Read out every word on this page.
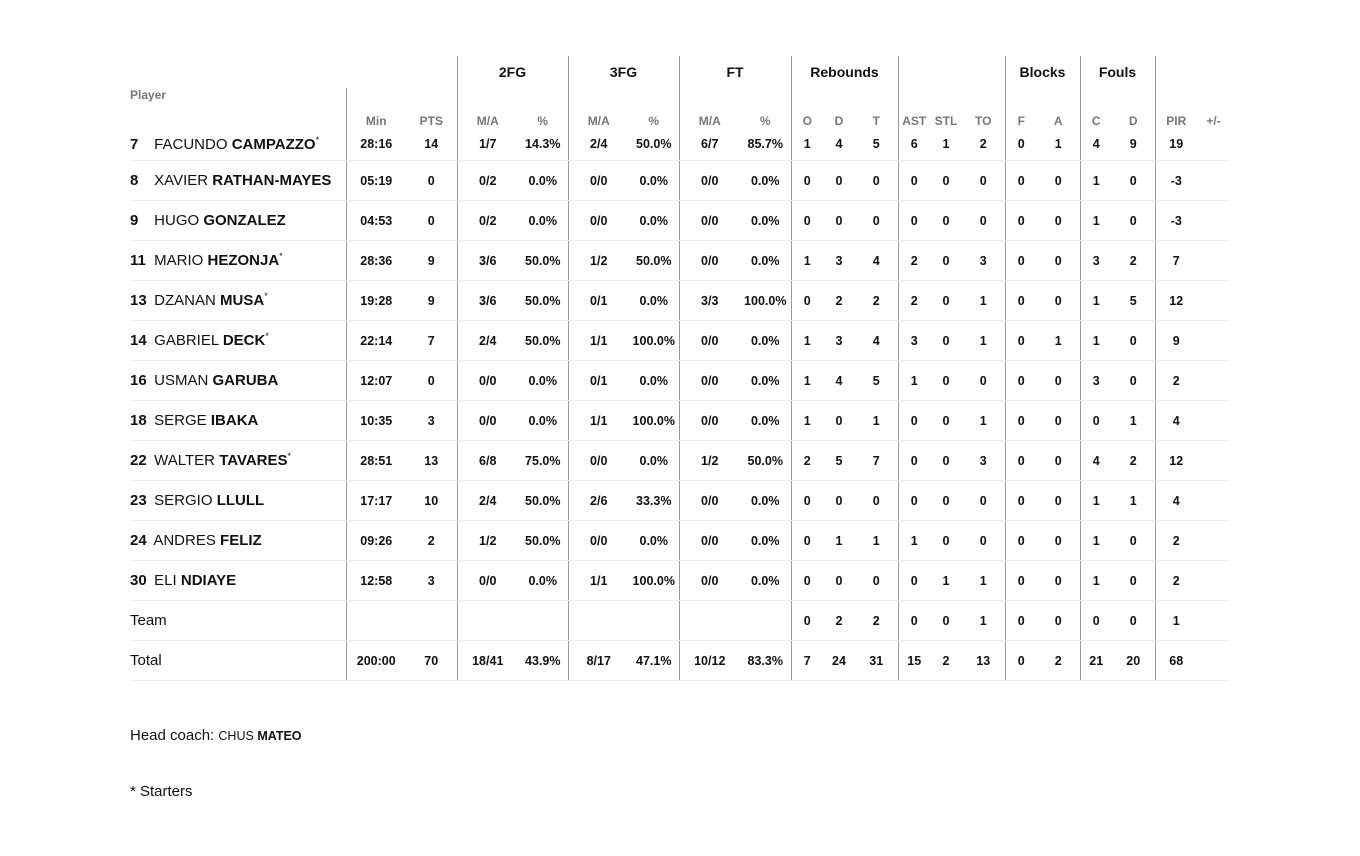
			2FG		3FG		FT		Rebounds						Blocks		Fouls			
Player	Min	PTS	M/A	%	M/A	%	M/A	%	O	D	T	AST	STL	TO	F	A	C	D	PIR	+/-
7 FACUNDO CAMPAZZO*	28:16	14	1/7	14.3%	2/4	50.0%	6/7	85.7%	1	4	5	6	1	2	0	1	4	9	19	
8 XAVIER RATHAN-MAYES	05:19	0	0/2	0.0%	0/0	0.0%	0/0	0.0%	0	0	0	0	0	0	0	0	1	0	-3	
9 HUGO GONZALEZ	04:53	0	0/2	0.0%	0/0	0.0%	0/0	0.0%	0	0	0	0	0	0	0	0	1	0	-3	
11 MARIO HEZONJA*	28:36	9	3/6	50.0%	1/2	50.0%	0/0	0.0%	1	3	4	2	0	3	0	0	3	2	7	
13 DZANAN MUSA*	19:28	9	3/6	50.0%	0/1	0.0%	3/3	100.0%	0	2	2	2	0	1	0	0	1	5	12	
14 GABRIEL DECK*	22:14	7	2/4	50.0%	1/1	100.0%	0/0	0.0%	1	3	4	3	0	1	0	1	1	0	9	
16 USMAN GARUBA	12:07	0	0/0	0.0%	0/1	0.0%	0/0	0.0%	1	4	5	1	0	0	0	0	3	0	2	
18 SERGE IBAKA	10:35	3	0/0	0.0%	1/1	100.0%	0/0	0.0%	1	0	1	0	0	1	0	0	0	1	4	
22 WALTER TAVARES*	28:51	13	6/8	75.0%	0/0	0.0%	1/2	50.0%	2	5	7	0	0	3	0	0	4	2	12	
23 SERGIO LLULL	17:17	10	2/4	50.0%	2/6	33.3%	0/0	0.0%	0	0	0	0	0	0	0	0	1	1	4	
24 ANDRES FELIZ	09:26	2	1/2	50.0%	0/0	0.0%	0/0	0.0%	0	1	1	1	0	0	0	0	1	0	2	
30 ELI NDIAYE	12:58	3	0/0	0.0%	1/1	100.0%	0/0	0.0%	0	0	0	0	1	1	0	0	1	0	2	
Team									0	2	2	0	0	1	0	0	0	0	1	
Total	200:00	70	18/41	43.9%	8/17	47.1%	10/12	83.3%	7	24	31	15	2	13	0	2	21	20	68	
Head coach: CHUS MATEO
* Starters
